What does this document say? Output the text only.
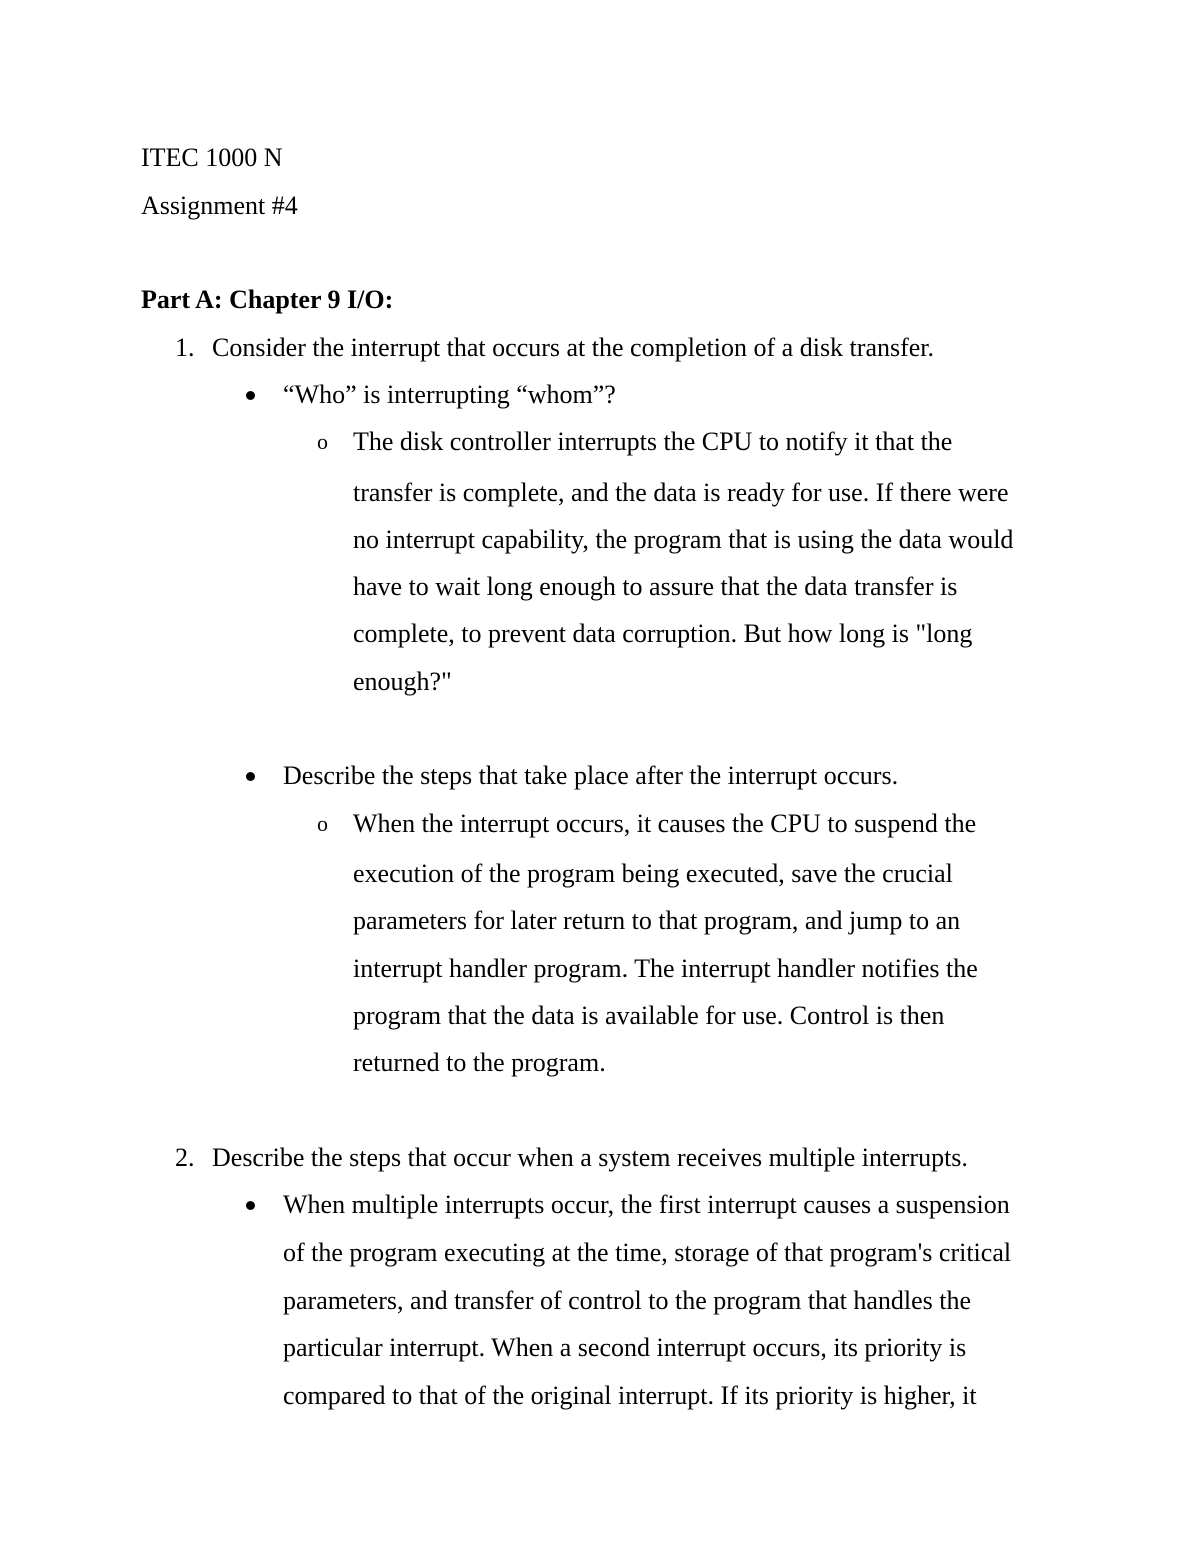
ITEC 1000 N
Assignment #4
Part A: Chapter 9 I/O:
1. Consider the interrupt that occurs at the completion of a disk transfer.
“Who” is interrupting “whom”?
o The disk controller interrupts the CPU to notify it that the
transfer is complete, and the data is ready for use. If there were
no interrupt capability, the program that is using the data would
have to wait long enough to assure that the data transfer is
complete, to prevent data corruption. But how long is "long
enough?"
Describe the steps that take place after the interrupt occurs.
o When the interrupt occurs, it causes the CPU to suspend the
execution of the program being executed, save the crucial
parameters for later return to that program, and jump to an
interrupt handler program. The interrupt handler notifies the
program that the data is available for use. Control is then
returned to the program.
2. Describe the steps that occur when a system receives multiple interrupts.
When multiple interrupts occur, the first interrupt causes a suspension
of the program executing at the time, storage of that program's critical
parameters, and transfer of control to the program that handles the
particular interrupt. When a second interrupt occurs, its priority is
compared to that of the original interrupt. If its priority is higher, it
